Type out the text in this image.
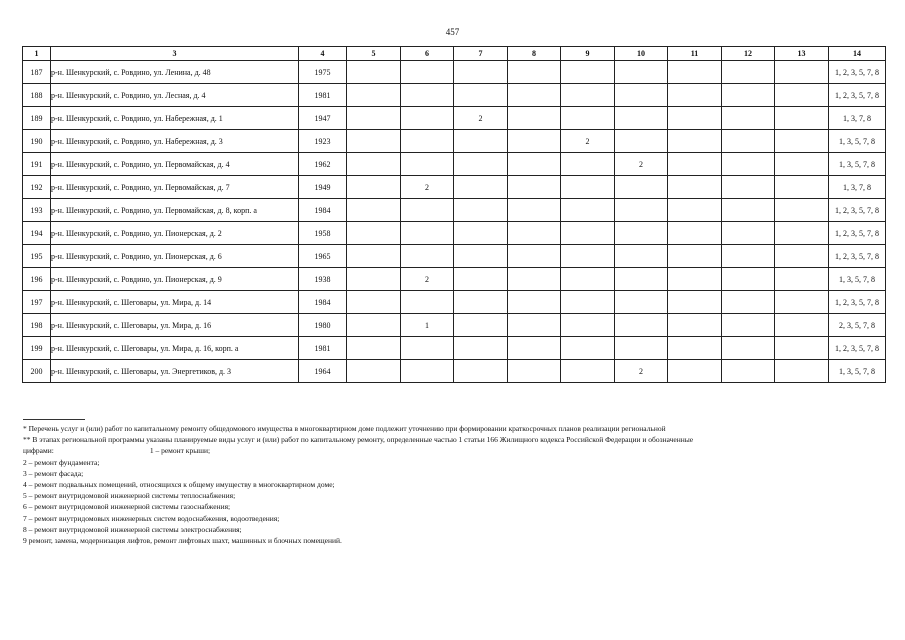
457
1	3	4	5	6	7	8	9	10	11	12	13	14
187	р-н. Шенкурский, с. Ровдино, ул. Ленина, д. 48	1975										1, 2, 3, 5, 7, 8
188	р-н. Шенкурский, с. Ровдино, ул. Лесная, д. 4	1981										1, 2, 3, 5, 7, 8
189	р-н. Шенкурский, с. Ровдино, ул. Набережная, д. 1	1947			2							1, 3, 7, 8
190	р-н. Шенкурский, с. Ровдино, ул. Набережная, д. 3	1923					2					1, 3, 5, 7, 8
191	р-н. Шенкурский, с. Ровдино, ул. Первомайская, д. 4	1962						2				1, 3, 5, 7, 8
192	р-н. Шенкурский, с. Ровдино, ул. Первомайская, д. 7	1949		2								1, 3, 7, 8
193	р-н. Шенкурский, с. Ровдино, ул. Первомайская, д. 8, корп. а	1984										1, 2, 3, 5, 7, 8
194	р-н. Шенкурский, с. Ровдино, ул. Пионерская, д. 2	1958										1, 2, 3, 5, 7, 8
195	р-н. Шенкурский, с. Ровдино, ул. Пионерская, д. 6	1965										1, 2, 3, 5, 7, 8
196	р-н. Шенкурский, с. Ровдино, ул. Пионерская, д. 9	1938		2								1, 3, 5, 7, 8
197	р-н. Шенкурский, с. Шеговары, ул. Мира, д. 14	1984										1, 2, 3, 5, 7, 8
198	р-н. Шенкурский, с. Шеговары, ул. Мира, д. 16	1980		1								2, 3, 5, 7, 8
199	р-н. Шенкурский, с. Шеговары, ул. Мира, д. 16, корп. а	1981										1, 2, 3, 5, 7, 8
200	р-н. Шенкурский, с. Шеговары, ул. Энергетиков, д. 3	1964						2				1, 3, 5, 7, 8

* Перечень услуг и (или) работ по капитальному ремонту общедомового имущества в многоквартирном доме подлежит уточнению при формировании краткосрочных планов реализации региональной

** В этапах региональной программы указаны планируемые виды услуг и (или) работ по капитальному ремонту, определенные частью 1 статьи 166 Жилищного кодекса Российской Федерации и обозначенные

цифрами:	1 – ремонт крыши;

2 – ремонт фундамента;

3 – ремонт фасада;

4 – ремонт подвальных помещений, относящихся к общему имуществу в многоквартирном доме;

5 – ремонт внутридомовой инженерной системы теплоснабжения;

6 – ремонт внутридомовой инженерной системы газоснабжения;

7 – ремонт внутридомовых инженерных систем водоснабжения, водоотведения;

8 – ремонт внутридомовой инженерной системы электроснабжения;

9 ремонт, замена, модернизация лифтов, ремонт лифтовых шахт, машинных и блочных помещений.
